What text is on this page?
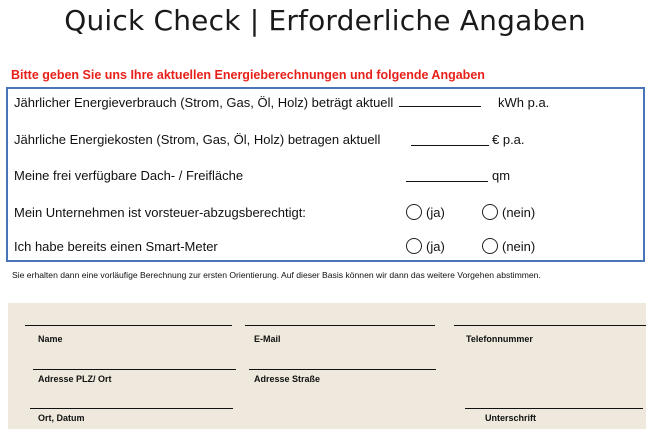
Quick Check | Erforderliche Angaben
Bitte geben Sie uns Ihre aktuellen Energieberechnungen und folgende Angaben
Jährlicher Energieverbrauch (Strom, Gas, Öl, Holz) beträgt aktuell	kWh p.a.
Jährliche Energiekosten (Strom, Gas, Öl, Holz) betragen aktuell	€ p.a.
Meine frei verfügbare Dach- / Freifläche	qm
Mein Unternehmen ist vorsteuer-abzugsberechtigt:	(ja)	(nein)
Ich habe bereits einen Smart-Meter	(ja)	(nein)
Sie erhalten dann eine vorläufige Berechnung zur ersten Orientierung. Auf dieser Basis können wir dann das weitere Vorgehen abstimmen.
Name	E-Mail	Telefonnummer
Adresse PLZ/ Ort	Adresse Straße
Ort, Datum	Unterschrift
